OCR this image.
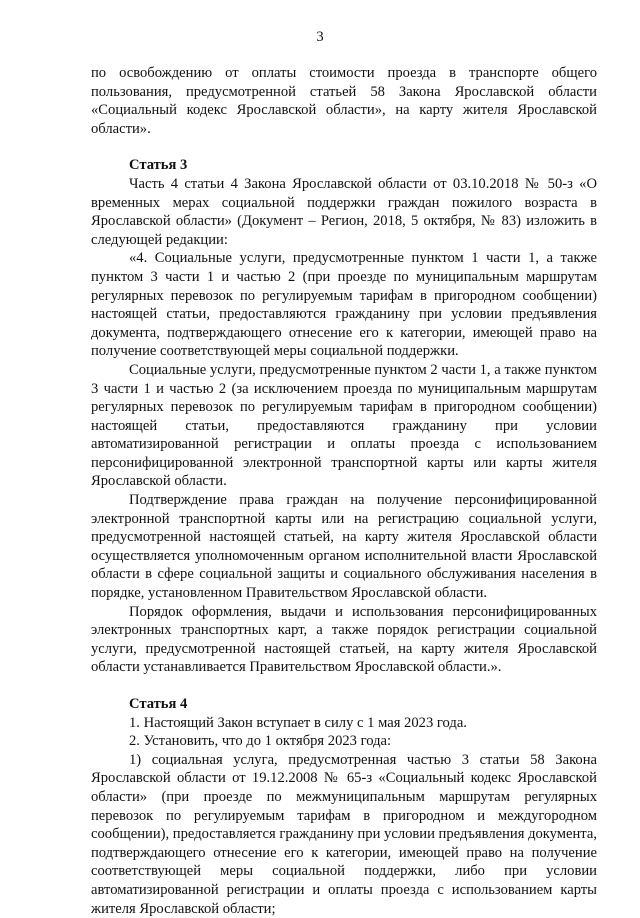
3

по освобождению от оплаты стоимости проезда в транспорте общего пользования, предусмотренной статьей 58 Закона Ярославской области «Социальный кодекс Ярославской области», на карту жителя Ярославской области».

Статья 3

Часть 4 статьи 4 Закона Ярославской области от 03.10.2018 № 50-з «О временных мерах социальной поддержки граждан пожилого возраста в Ярославской области» (Документ – Регион, 2018, 5 октября, № 83) изложить в следующей редакции:

«4. Социальные услуги, предусмотренные пунктом 1 части 1, а также пунктом 3 части 1 и частью 2 (при проезде по муниципальным маршрутам регулярных перевозок по регулируемым тарифам в пригородном сообщении) настоящей статьи, предоставляются гражданину при условии предъявления документа, подтверждающего отнесение его к категории, имеющей право на получение соответствующей меры социальной поддержки.

Социальные услуги, предусмотренные пунктом 2 части 1, а также пунктом 3 части 1 и частью 2 (за исключением проезда по муниципальным маршрутам регулярных перевозок по регулируемым тарифам в пригородном сообщении) настоящей статьи, предоставляются гражданину при условии автоматизированной регистрации и оплаты проезда с использованием персонифицированной электронной транспортной карты или карты жителя Ярославской области.

Подтверждение права граждан на получение персонифицированной электронной транспортной карты или на регистрацию социальной услуги, предусмотренной настоящей статьей, на карту жителя Ярославской области осуществляется уполномоченным органом исполнительной власти Ярославской области в сфере социальной защиты и социального обслуживания населения в порядке, установленном Правительством Ярославской области.

Порядок оформления, выдачи и использования персонифицированных электронных транспортных карт, а также порядок регистрации социальной услуги, предусмотренной настоящей статьей, на карту жителя Ярославской области устанавливается Правительством Ярославской области.».

Статья 4

1. Настоящий Закон вступает в силу с 1 мая 2023 года.

2. Установить, что до 1 октября 2023 года:

1) социальная услуга, предусмотренная частью 3 статьи 58 Закона Ярославской области от 19.12.2008 № 65-з «Социальный кодекс Ярославской области» (при проезде по межмуниципальным маршрутам регулярных перевозок по регулируемым тарифам в пригородном и междугородном сообщении), предоставляется гражданину при условии предъявления документа, подтверждающего отнесение его к категории, имеющей право на получение соответствующей меры социальной поддержки, либо при условии автоматизированной регистрации и оплаты проезда с использованием карты жителя Ярославской области;
